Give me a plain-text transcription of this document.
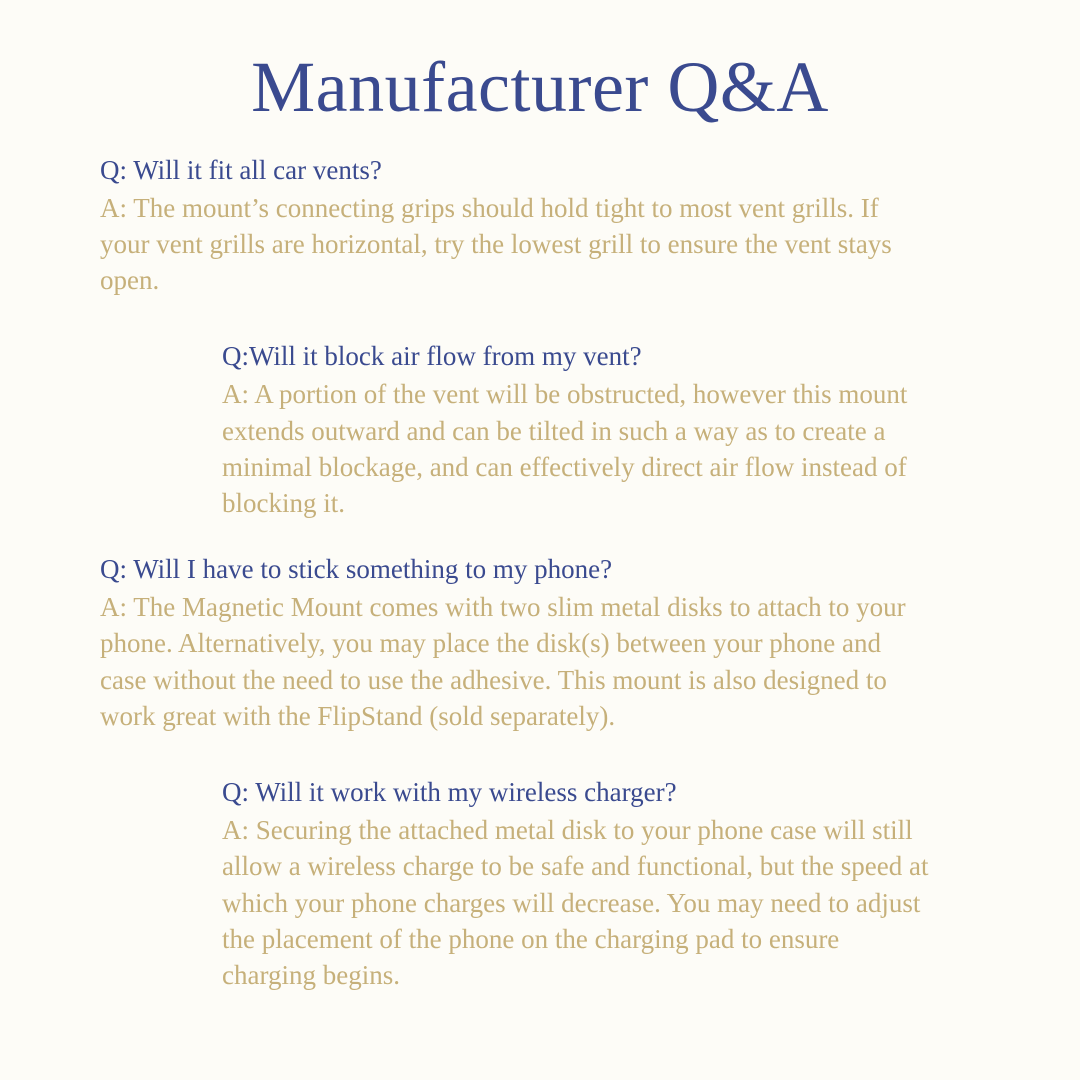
Manufacturer Q&A

Q: Will it fit all car vents?

A: The mount’s connecting grips should hold tight to most vent grills. If your vent grills are horizontal, try the lowest grill to ensure the vent stays open.

Q:Will it block air flow from my vent?

A: A portion of the vent will be obstructed, however this mount extends outward and can be tilted in such a way as to create a minimal blockage, and can effectively direct air flow instead of blocking it.

Q: Will I have to stick something to my phone?

A: The Magnetic Mount comes with two slim metal disks to attach to your phone. Alternatively, you may place the disk(s) between your phone and case without the need to use the adhesive. This mount is also designed to work great with the FlipStand (sold separately).

Q: Will it work with my wireless charger?

A: Securing the attached metal disk to your phone case will still allow a wireless charge to be safe and functional, but the speed at which your phone charges will decrease. You may need to adjust the placement of the phone on the charging pad to ensure charging begins.
